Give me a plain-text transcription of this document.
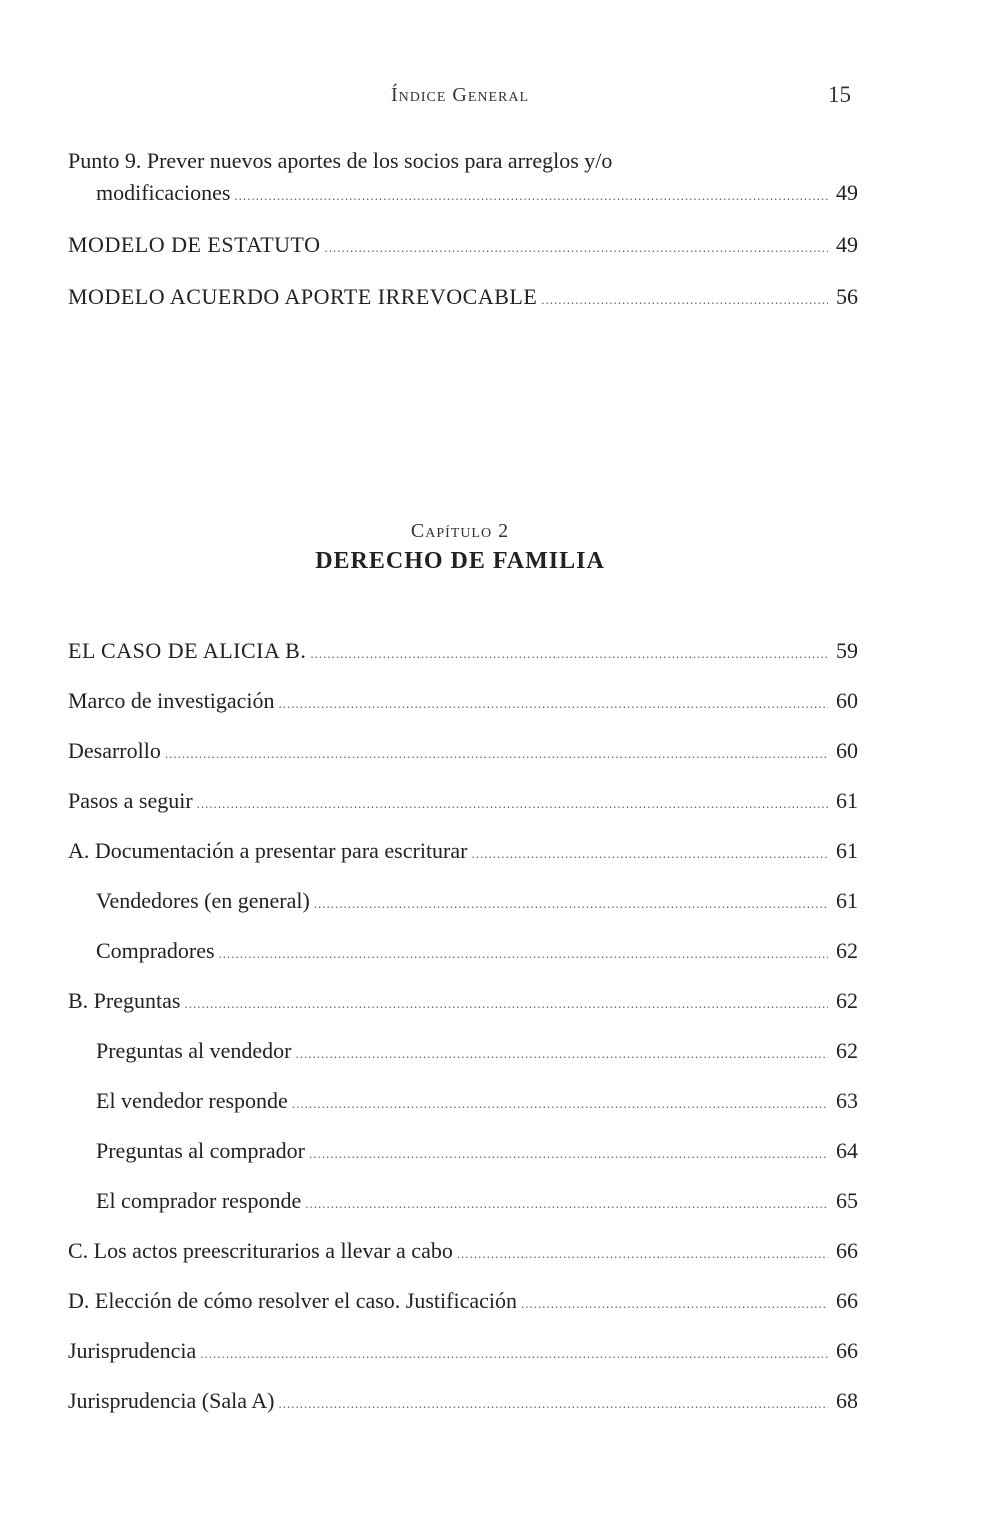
Índice General	15
Punto 9. Prever nuevos aportes de los socios para arreglos y/o
modificaciones .....	49
MODELO DE ESTATUTO .....	49
MODELO ACUERDO APORTE IRREVOCABLE .....	56
Capítulo 2
DERECHO DE FAMILIA
EL CASO DE ALICIA B. .....	59
Marco de investigación .....	60
Desarrollo .....	60
Pasos a seguir .....	61
A. Documentación a presentar para escriturar .....	61
Vendedores (en general) .....	61
Compradores .....	62
B. Preguntas .....	62
Preguntas al vendedor .....	62
El vendedor responde .....	63
Preguntas al comprador .....	64
El comprador responde .....	65
C. Los actos preescriturarios a llevar a cabo .....	66
D. Elección de cómo resolver el caso. Justificación .....	66
Jurisprudencia .....	66
Jurisprudencia (Sala A) .....	68
